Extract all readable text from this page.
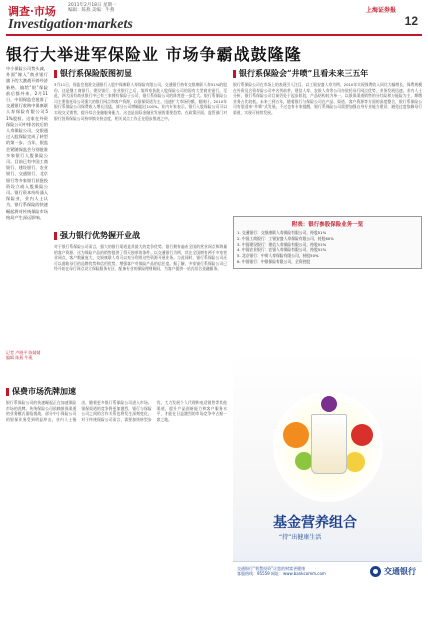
调查·市场	2011年2月18日 星期一
编辑：陈燕 美编：牛燕
Investigation·markets
上海证券报
12
银行大举进军保险业 市场争霸战鼓隆隆
中小保险公司势头减，外面“嫁入”商业银行旗下的大激战开辟经济新格，输给“银”保险前后都外来。2月11日，中国保监会批准了交通银行收购中保康联人寿保险有限公司51%股权。这家在外资保险公司中排名较后的人寿保险公司，交银通过入股保险完成了转型的第一步。当年，银监会紧随保监会分别批准多家银行入股保险公司。目前已有中国工商银行、建设银行、农业银行、交通银行、北京银行等多家银行获批投资设立或入股保险公司。银行资本纷纷涌入保险业，业内人士认为，银行系保险的快速崛起将对传统保险市场格局产生深远影响。
记者 卢晓平 陈婧婧
编辑 陈燕 牛燕
银行系保险版图初显
3月11日，保监会批准交通银行入股中保康联人寿保险有限公司，交通银行持有交银康联人寿51%的股份。这是继工商银行、建设银行、农业银行之后，第四家获批入股保险公司的国有大型商业银行。至此，四大国有商业银行中已有三家拥有保险子公司，银行系保险公司的阵营进一步壮大。银行系保险公司主要依托母公司强大的银行网点和客户资源，以银保渠道为主，迅速扩大市场份额。据统计，2010年银行系保险公司保费收入增长迅猛，部分公司增幅超过100%。业内专家表示，银行入股保险公司可以实现交叉销售，提升综合金融服务能力，这也是国际金融业发展的重要趋势。在政策层面，监管部门对银行投资保险公司持审慎支持态度，相关试点工作正在稳步推进之中。
强力银行优势握开业战
对于银行系保险公司而言，强大的银行渠道是其最大的竞争优势。银行拥有遍布全国的营业网点和海量的客户资源，这为保险产品的销售提供了得天独厚的条件。以交通银行为例，其在全国拥有两千多家营业网点，客户数量庞大，交银康联人寿可以充分利用这些资源开展业务。与此同时，银行系保险公司还可以借助母行的品牌优势和信用优势，增强客户对保险产品的信任度。据了解，多家银行系保险公司已经开始在母行网点设立保险服务专区，配备专业的保险理财顾问，为客户提供一站式综合金融服务。
银行系保险会“井喷”且看未来三五年
银行系保险公司在市场上的表现引人注目。以工银安盛人寿为例，2010年实现保费收入同比大幅增长，保费规模在外资及合资寿险公司中名列前茅。建信人寿、农银人寿等公司亦依托母行网点优势，业务发展迅速。业内人士分析，银行系保险公司目前仍处于起步阶段，产品结构较为单一，以银保渠道销售的分红险和万能险为主，期缴业务占比较低。未来三到五年，随着银行与保险公司在产品、渠道、客户资源等方面的深度整合，银行系保险公司有望迎来“井喷”式发展。不过也有专家提醒，银行系保险公司需要加强自身专业能力建设，避免过度依赖母行渠道，实现可持续发展。
附表：银行参股保险业务一览
1. 交通银行：交银康联人寿保险有限公司，持股51%
2. 中国工商银行：工银安盛人寿保险有限公司，持股60%
3. 中国建设银行：建信人寿保险有限公司，持股51%
4. 中国农业银行：农银人寿保险有限公司，持股51%
5. 北京银行：中荷人寿保险有限公司，持股50%
6. 中国银行：中银保险有限公司，全资控股
保费市场洗牌加速
银行系保险公司的快速崛起正在加速保险市场的洗牌。传统保险公司依赖银保渠道的业务模式面临挑战，部分中小保险公司的银保业务受到明显冲击。业内人士指出，随着更多银行系保险公司进入市场，银保渠道的竞争将更加激烈，银行与保险公司之间的合作关系也将发生深刻变化。对于传统保险公司而言，需要加快转型步伐，大力发展个人代理和电话销售等其他渠道，提升产品创新能力和客户服务水平，才能在日益激烈的市场竞争中占据一席之地。
基金营养组合
“持”出健康生活
交通银行“智慧投资”让您的财富更健康
客服热线：95559 网址：www.bankcomm.com	交通银行
